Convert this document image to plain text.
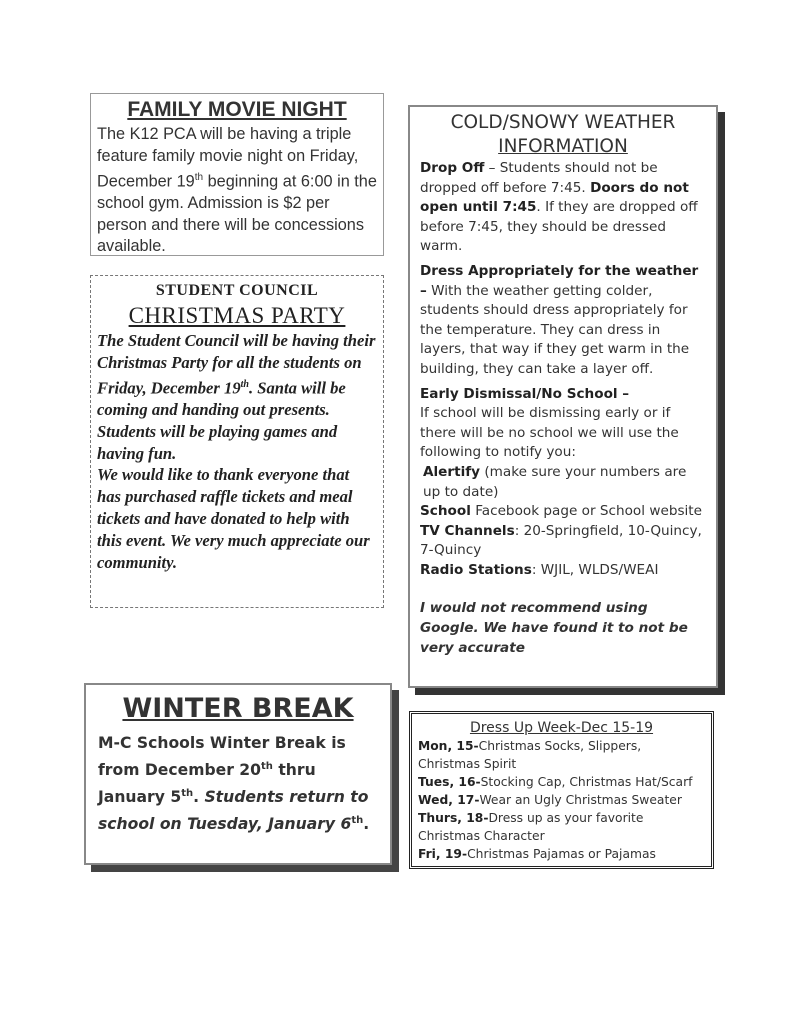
FAMILY MOVIE NIGHT

The K12 PCA will be having a triple feature family movie night on Friday, December 19th beginning at 6:00 in the school gym. Admission is $2 per person and there will be concessions available.

STUDENT COUNCIL
CHRISTMAS PARTY

The Student Council will be having their Christmas Party for all the students on Friday, December 19th. Santa will be coming and handing out presents. Students will be playing games and having fun.

We would like to thank everyone that has purchased raffle tickets and meal tickets and have donated to help with this event. We very much appreciate our community.

COLD/SNOWY WEATHER
INFORMATION

Drop Off – Students should not be dropped off before 7:45. Doors do not open until 7:45. If they are dropped off before 7:45, they should be dressed warm.

Dress Appropriately for the weather – With the weather getting colder, students should dress appropriately for the temperature. They can dress in layers, that way if they get warm in the building, they can take a layer off.

Early Dismissal/No School –
If school will be dismissing early or if there will be no school we will use the following to notify you:

Alertify (make sure your numbers are up to date)
School Facebook page or School website
TV Channels: 20-Springfield, 10-Quincy, 7-Quincy
Radio Stations: WJIL, WLDS/WEAI

I would not recommend using Google. We have found it to not be very accurate

WINTER BREAK

M-C Schools Winter Break is from December 20th thru January 5th. Students return to school on Tuesday, January 6th.

Dress Up Week-Dec 15-19
Mon, 15-Christmas Socks, Slippers, Christmas Spirit
Tues, 16-Stocking Cap, Christmas Hat/Scarf
Wed, 17-Wear an Ugly Christmas Sweater
Thurs, 18-Dress up as your favorite Christmas Character
Fri, 19-Christmas Pajamas or Pajamas
